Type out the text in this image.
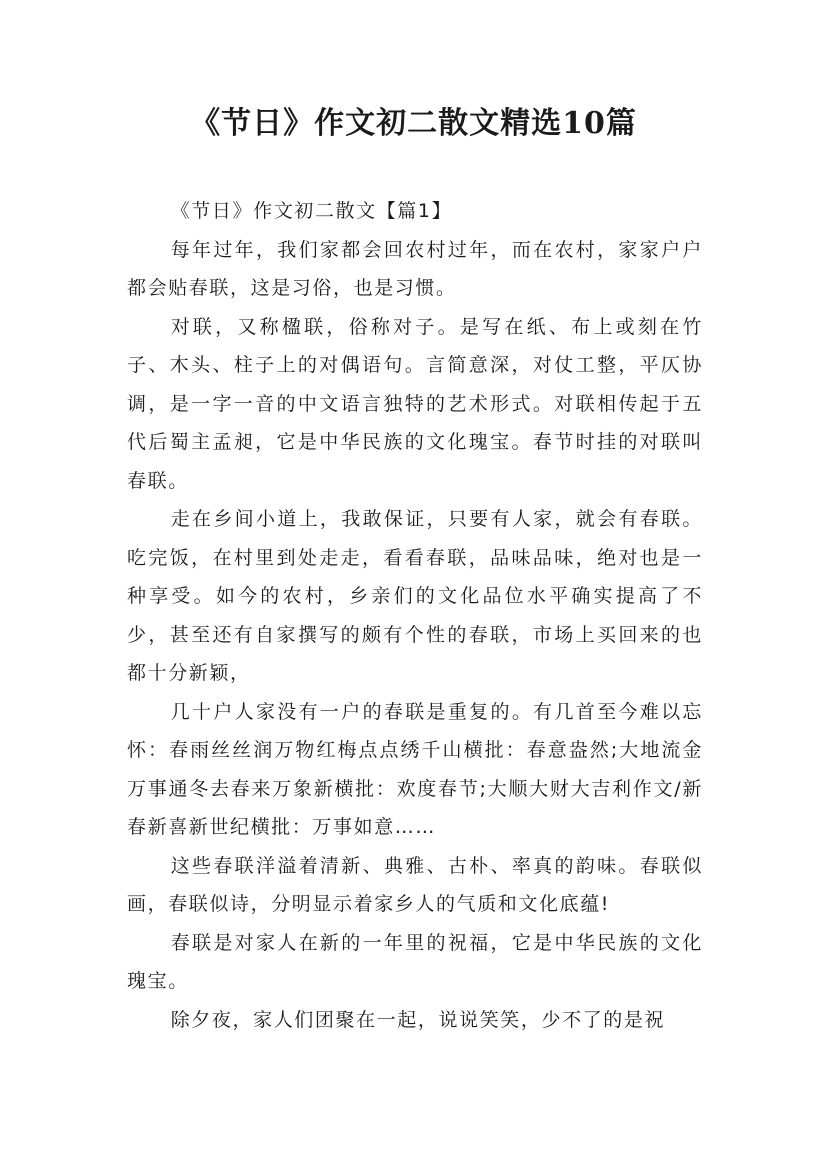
《节日》作文初二散文精选10篇

《节日》作文初二散文【篇1】

每年过年，我们家都会回农村过年，而在农村，家家户户都会贴春联，这是习俗，也是习惯。

对联，又称楹联，俗称对子。是写在纸、布上或刻在竹子、木头、柱子上的对偶语句。言简意深，对仗工整，平仄协调，是一字一音的中文语言独特的艺术形式。对联相传起于五代后蜀主孟昶，它是中华民族的文化瑰宝。春节时挂的对联叫春联。

走在乡间小道上，我敢保证，只要有人家，就会有春联。吃完饭，在村里到处走走，看看春联，品味品味，绝对也是一种享受。如今的农村，乡亲们的文化品位水平确实提高了不少，甚至还有自家撰写的颇有个性的春联，市场上买回来的也都十分新颖，

几十户人家没有一户的春联是重复的。有几首至今难以忘怀：春雨丝丝润万物红梅点点绣千山横批：春意盎然;大地流金万事通冬去春来万象新横批：欢度春节;大顺大财大吉利作文/新春新喜新世纪横批：万事如意……

这些春联洋溢着清新、典雅、古朴、率真的韵味。春联似画，春联似诗，分明显示着家乡人的气质和文化底蕴!

春联是对家人在新的一年里的祝福，它是中华民族的文化瑰宝。

除夕夜，家人们团聚在一起，说说笑笑，少不了的是祝
